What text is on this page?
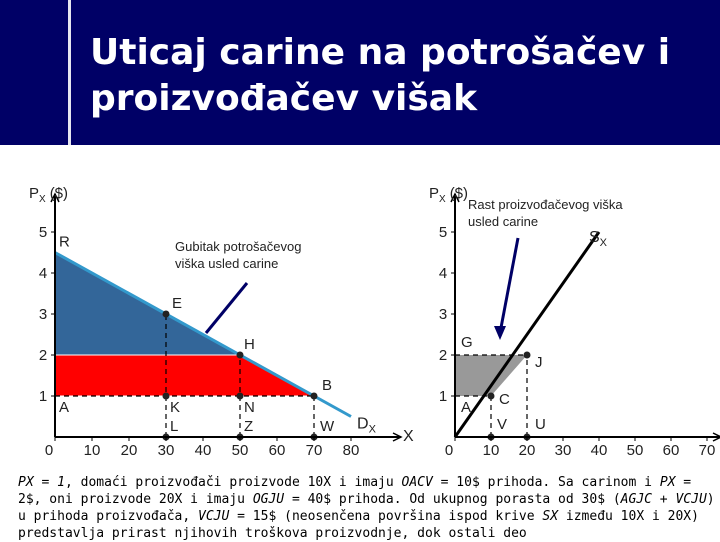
Uticaj carine na potrošačev i
proizvođačev višak
R
E
H
B
A	K	N
L	Z	W $D_X$
0 10 20 30 40 50 60 70 80
1
2
3
4
5
$P_X$ ($)
X
Gubitak potrošačevog
viška usled carine
G
J
A C
V U
$S_X$
0 10 20 30 40 50 60 70
1
2
3
4
5
$P_X$ ($)
Rast proizvođačevog viška
usled carine

PX = 1, domaći proizvođači proizvode 10X i imaju OACV = 10$ prihoda. Sa carinom i PX = 2$, oni proizvode 20X i imaju OGJU = 40$ prihoda. Od ukupnog porasta od 30$ (AGJC + VCJU) u prihoda proizvođača, VCJU = 15$ (neosenčena površina ispod krive SX između 10X i 20X) predstavlja prirast njihovih troškova proizvodnje, dok ostali deo
